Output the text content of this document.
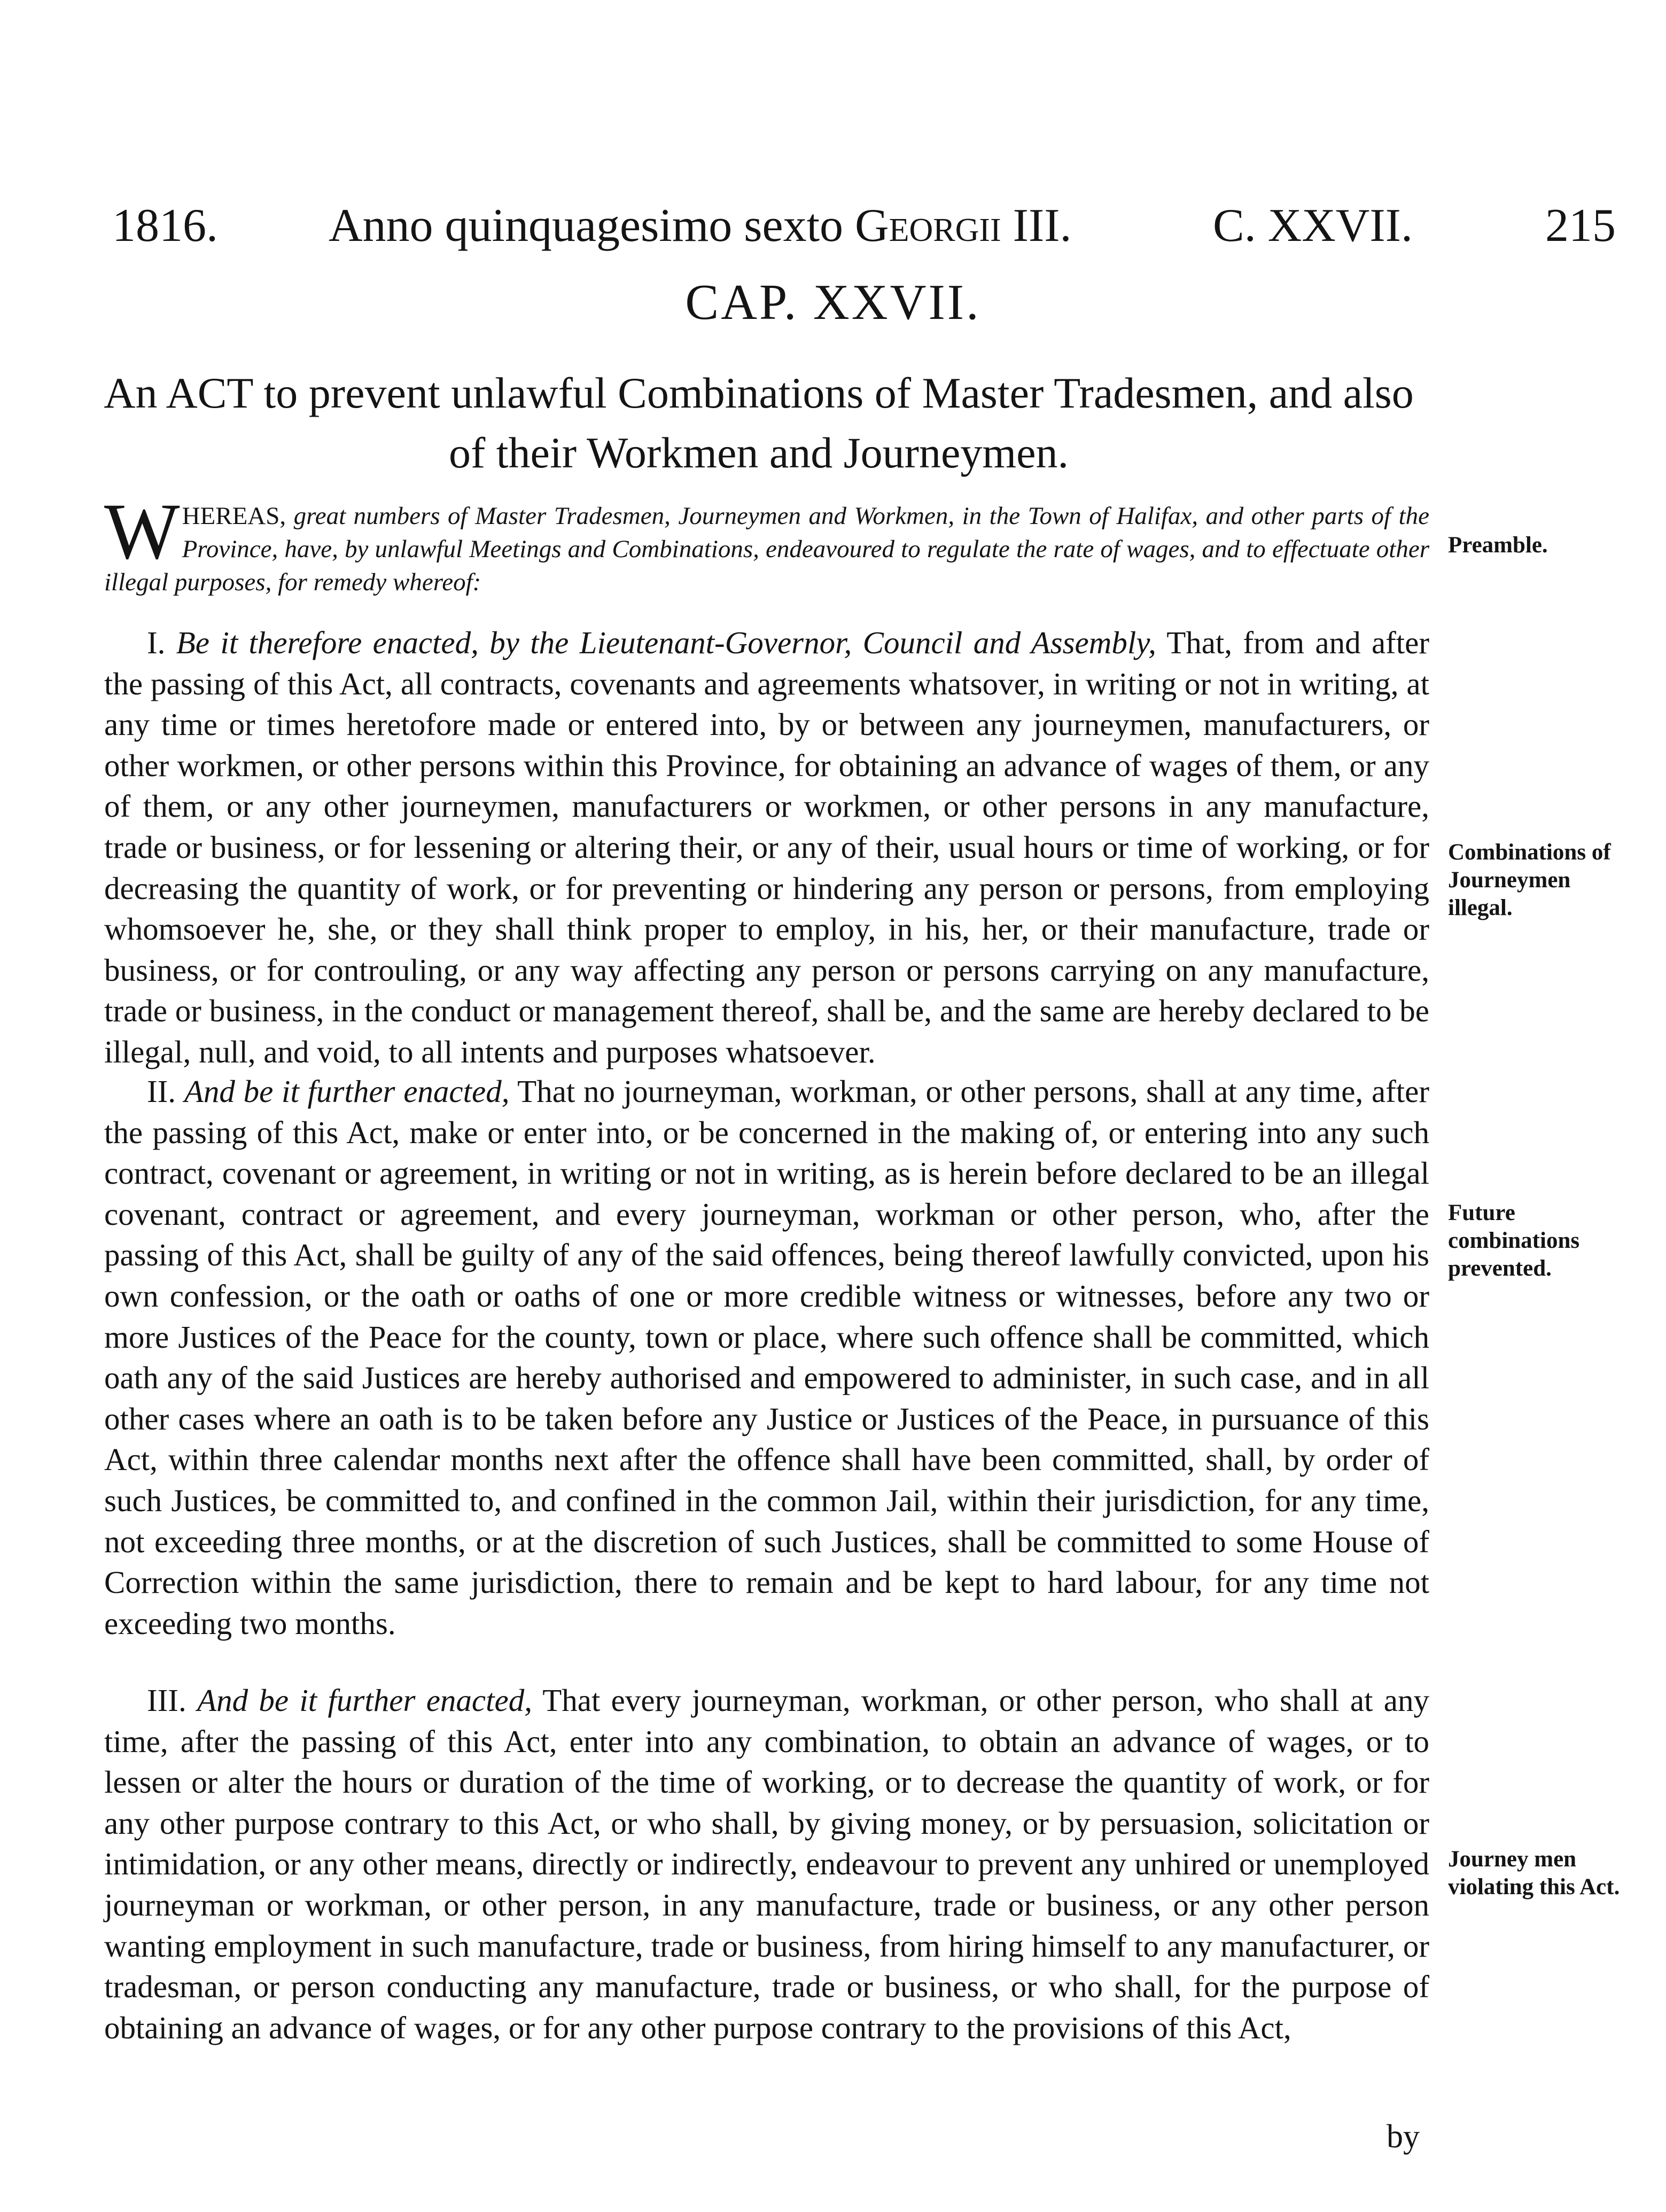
1816. Anno quinquagesimo sexto Georgii III.	C. XXVII.	215
CAP. XXVII.
An ACT to prevent unlawful Combinations of Master Tradesmen, and also of their Workmen and Journeymen.
W HEREAS, great numbers of Master Tradesmen, Journeymen and Workmen, in the Town of Halifax, and other parts of the Province, have, by unlawful Meetings and Combinations, endeavoured to regulate the rate of wages, and to effectuate other illegal purposes, for remedy whereof:

I. Be it therefore enacted, by the Lieutenant-Governor, Council and Assembly, That, from and after the passing of this Act, all contracts, covenants and agreements whatsover, in writing or not in writing, at any time or times heretofore made or entered into, by or between any journeymen, manufacturers, or other workmen, or other persons within this Province, for obtaining an advance of wages of them, or any of them, or any other journeymen, manufacturers or workmen, or other persons in any manufacture, trade or business, or for lessening or altering their, or any of their, usual hours or time of working, or for decreasing the quantity of work, or for preventing or hindering any person or persons, from employing whomsoever he, she, or they shall think proper to employ, in his, her, or their manufacture, trade or business, or for controuling, or any way affecting any person or persons carrying on any manufacture, trade or business, in the conduct or management thereof, shall be, and the same are hereby declared to be illegal, null, and void, to all intents and purposes whatsoever.

II. And be it further enacted, That no journeyman, workman, or other persons, shall at any time, after the passing of this Act, make or enter into, or be concerned in the making of, or entering into any such contract, covenant or agreement, in writing or not in writing, as is herein before declared to be an illegal covenant, contract or agreement, and every journeyman, workman or other person, who, after the passing of this Act, shall be guilty of any of the said offences, being thereof lawfully convicted, upon his own confession, or the oath or oaths of one or more credible witness or witnesses, before any two or more Justices of the Peace for the county, town or place, where such offence shall be committed, which oath any of the said Justices are hereby authorised and empowered to administer, in such case, and in all other cases where an oath is to be taken before any Justice or Justices of the Peace, in pursuance of this Act, within three calendar months next after the offence shall have been committed, shall, by order of such Justices, be committed to, and confined in the common Jail, within their jurisdiction, for any time, not exceeding three months, or at the discretion of such Justices, shall be committed to some House of Correction within the same jurisdiction, there to remain and be kept to hard labour, for any time not exceeding two months.

III. And be it further enacted, That every journeyman, workman, or other person, who shall at any time, after the passing of this Act, enter into any combination, to obtain an advance of wages, or to lessen or alter the hours or duration of the time of working, or to decrease the quantity of work, or for any other purpose contrary to this Act, or who shall, by giving money, or by persuasion, solicitation or intimidation, or any other means, directly or indirectly, endeavour to prevent any unhired or unemployed journeyman or workman, or other person, in any manufacture, trade or business, or any other person wanting employment in such manufacture, trade or business, from hiring himself to any manufacturer, or tradesman, or person conducting any manufacture, trade or business, or who shall, for the purpose of obtaining an advance of wages, or for any other purpose contrary to the provisions of this Act,

Preamble.
Combinations of Journeymen illegal.
Future combinations prevented.
Journey men violating this Act.
by
